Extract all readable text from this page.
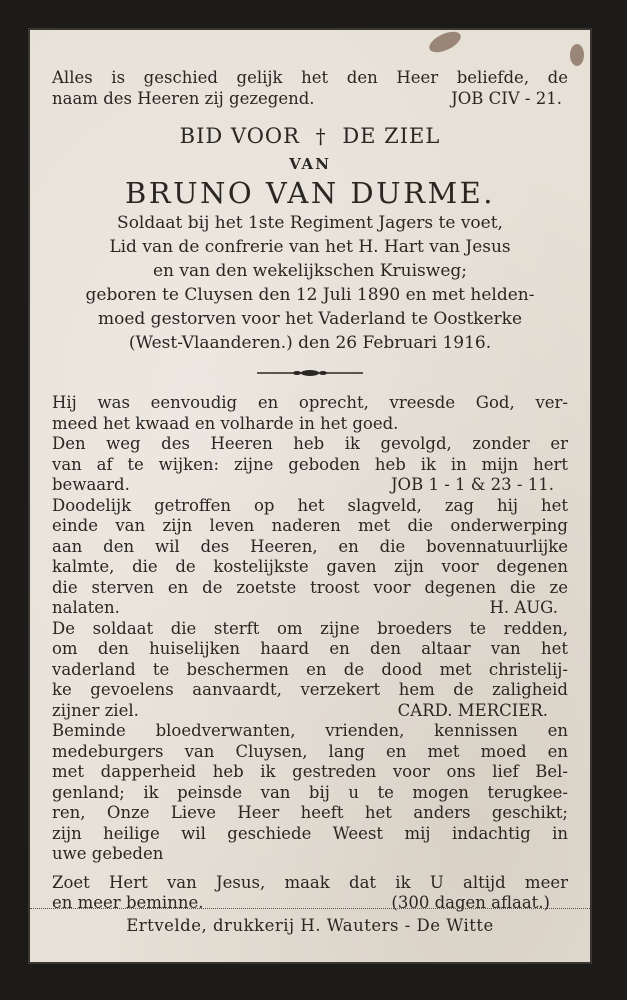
Alles is geschied gelijk het den Heer beliefde, de

naam des Heeren zij gezegend.	JOB CIV - 21.
BID VOOR † DE ZIEL
VAN
BRUNO VAN DURME.

Soldaat bij het 1ste Regiment Jagers te voet,

Lid van de confrerie van het H. Hart van Jesus

en van den wekelijkschen Kruisweg;

geboren te Cluysen den 12 Juli 1890 en met helden-

moed gestorven voor het Vaderland te Oostkerke

(West-Vlaanderen.) den 26 Februari 1916.

Hij was eenvoudig en oprecht, vreesde God, ver-

meed het kwaad en volharde in het goed.

Den weg des Heeren heb ik gevolgd, zonder er

van af te wijken: zijne geboden heb ik in mijn hert

bewaard.	JOB 1 - 1 & 23 - 11.

Doodelijk getroffen op het slagveld, zag hij het

einde van zijn leven naderen met die onderwerping

aan den wil des Heeren, en die bovennatuurlijke

kalmte, die de kostelijkste gaven zijn voor degenen

die sterven en de zoetste troost voor degenen die ze

nalaten.	H. AUG.

De soldaat die sterft om zijne broeders te redden,

om den huiselijken haard en den altaar van het

vaderland te beschermen en de dood met christelij-

ke gevoelens aanvaardt, verzekert hem de zaligheid

zijner ziel.	CARD. MERCIER.

Beminde bloedverwanten, vrienden, kennissen en

medeburgers van Cluysen, lang en met moed en

met dapperheid heb ik gestreden voor ons lief Bel-

genland; ik peinsde van bij u te mogen terugkee-

ren, Onze Lieve Heer heeft het anders geschikt;

zijn heilige wil geschiede Weest mij indachtig in

uwe gebeden

Zoet Hert van Jesus, maak dat ik U altijd meer

en meer beminne.	(300 dagen aflaat.)
Ertvelde, drukkerij H. Wauters - De Witte
